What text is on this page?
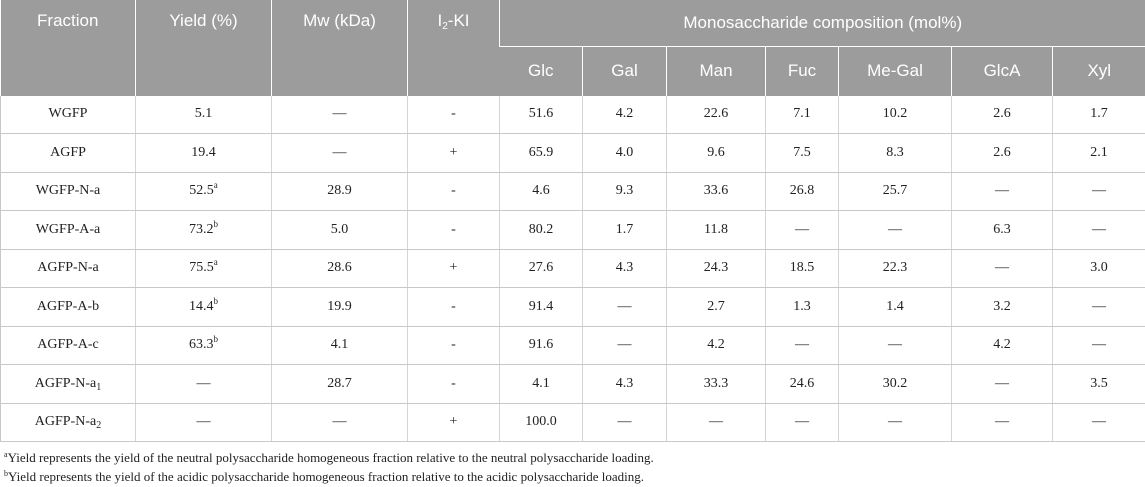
Fraction	Yield (%)	Mw (kDa)	$I_2-KI$	Monosaccharide composition (mol%)						
				Glc	Gal	Man	Fuc	Me-Gal	GlcA	Xyl
WGFP	5.1	—	-	51.6	4.2	22.6	7.1	10.2	2.6	1.7
AGFP	19.4	—	+	65.9	4.0	9.6	7.5	8.3	2.6	2.1
WGFP-N-a	52.5$^a$	28.9	-	4.6	9.3	33.6	26.8	25.7	—	—
WGFP-A-a	73.2$^b$	5.0	-	80.2	1.7	11.8	—	—	6.3	—
AGFP-N-a	75.5$^a$	28.6	+	27.6	4.3	24.3	18.5	22.3	—	3.0
AGFP-A-b	14.4$^b$	19.9	-	91.4	—	2.7	1.3	1.4	3.2	—
AGFP-A-c	63.3$^b$	4.1	-	91.6	—	4.2	—	—	4.2	—
AGFP-$N-a_1$	—	28.7	-	4.1	4.3	33.3	24.6	30.2	—	3.5
AGFP-$N-a_2$	—	—	+	100.0	—	—	—	—	—	—
$^a$Yield represents the yield of the neutral polysaccharide homogeneous fraction relative to the neutral polysaccharide loading.
$^b$Yield represents the yield of the acidic polysaccharide homogeneous fraction relative to the acidic polysaccharide loading.
